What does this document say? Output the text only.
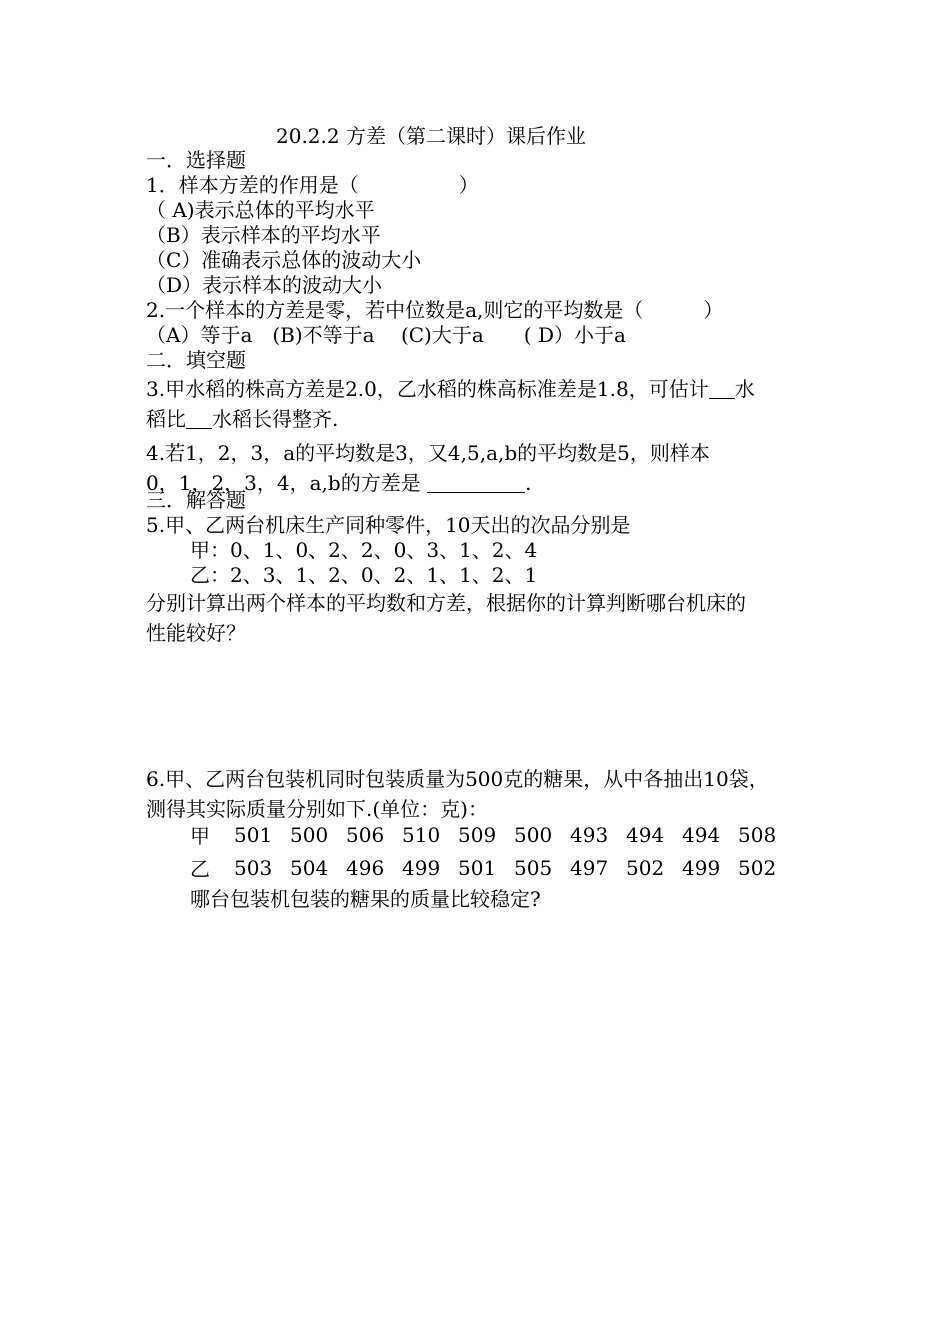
20.2.2 方差（第二课时）课后作业
一．选择题
1．样本方差的作用是（　　　　　）
（ A)表示总体的平均水平
（B）表示样本的平均水平
（C）准确表示总体的波动大小
（D）表示样本的波动大小
2.一个样本的方差是零，若中位数是a,则它的平均数是（　　　）
（A）等于a　(B)不等于a　 (C)大于a　　( D）小于a
二．填空题
3.甲水稻的株高方差是2.0，乙水稻的株高标准差是1.8，可估计 水
稻比 水稻长得整齐.
4.若1，2，3，a的平均数是3，又4,5,a,b的平均数是5，则样本
0，1，2，3，4，a,b的方差是	.
三．解答题
5.甲、乙两台机床生产同种零件，10天出的次品分别是
甲：0、1、0、2、2、0、3、1、2、4
乙：2、3、1、2、0、2、1、1、2、1
分别计算出两个样本的平均数和方差，根据你的计算判断哪台机床的
性能较好？
6.甲、乙两台包装机同时包装质量为500克的糖果，从中各抽出10袋，
测得其实际质量分别如下.(单位：克)：
甲	501	500	506	510	509	500	493	494	494	508
乙	503	504	496	499	501	505	497	502	499	502
哪台包装机包装的糖果的质量比较稳定?
